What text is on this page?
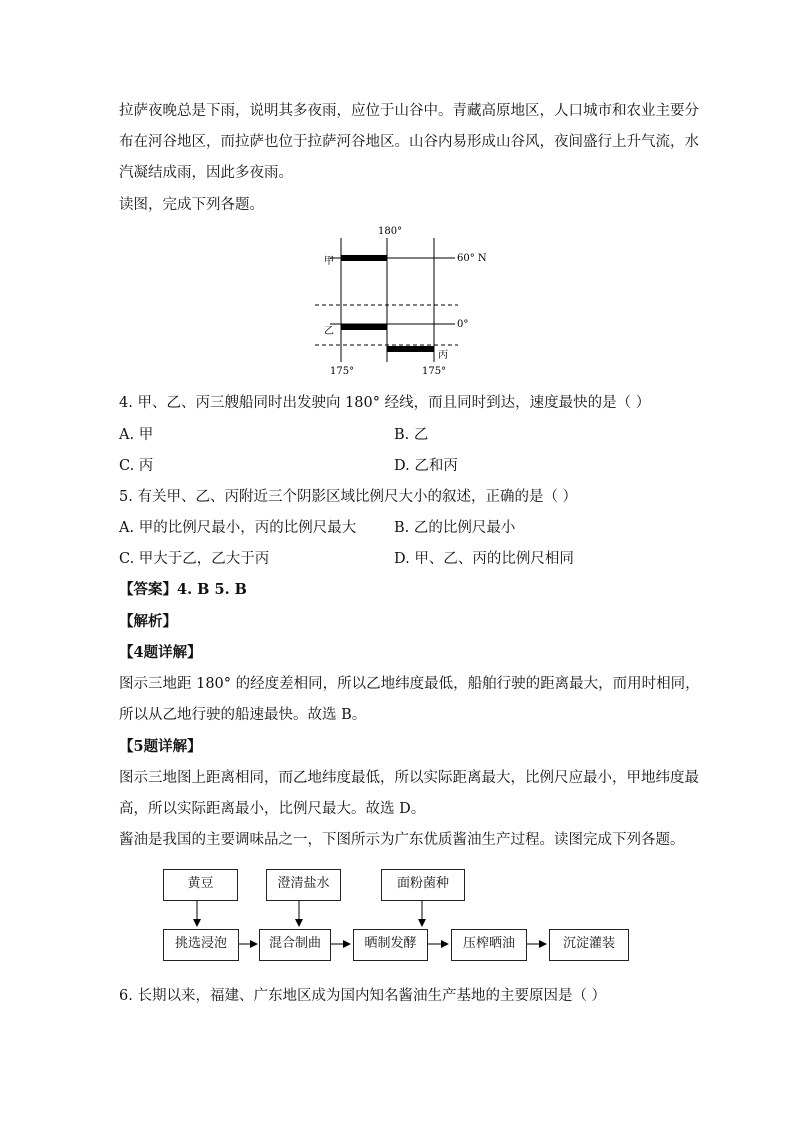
拉萨夜晚总是下雨，说明其多夜雨，应位于山谷中。青藏高原地区，人口城市和农业主要分
布在河谷地区，而拉萨也位于拉萨河谷地区。山谷内易形成山谷风，夜间盛行上升气流，水
汽凝结成雨，因此多夜雨。
读图，完成下列各题。
180°
60° N
0°
175°	175°
甲
乙
丙
4. 甲、乙、丙三艘船同时出发驶向 180° 经线，而且同时到达，速度最快的是（ ）
A. 甲	B. 乙
C. 丙	D. 乙和丙
5. 有关甲、乙、丙附近三个阴影区域比例尺大小的叙述，正确的是（ ）
A. 甲的比例尺最小，丙的比例尺最大	B. 乙的比例尺最小
C. 甲大于乙，乙大于丙	D. 甲、乙、丙的比例尺相同
【答案】4. B 5. B
【解析】
【4题详解】
图示三地距 180° 的经度差相同，所以乙地纬度最低，船舶行驶的距离最大，而用时相同，
所以从乙地行驶的船速最快。故选 B。
【5题详解】
图示三地图上距离相同，而乙地纬度最低，所以实际距离最大，比例尺应最小，甲地纬度最
高，所以实际距离最小，比例尺最大。故选 D。
酱油是我国的主要调味品之一，下图所示为广东优质酱油生产过程。读图完成下列各题。
黄豆	澄清盐水	面粉菌种
挑选浸泡	混合制曲	晒制发酵	压榨晒油	沉淀灌装
6. 长期以来，福建、广东地区成为国内知名酱油生产基地的主要原因是（ ）
